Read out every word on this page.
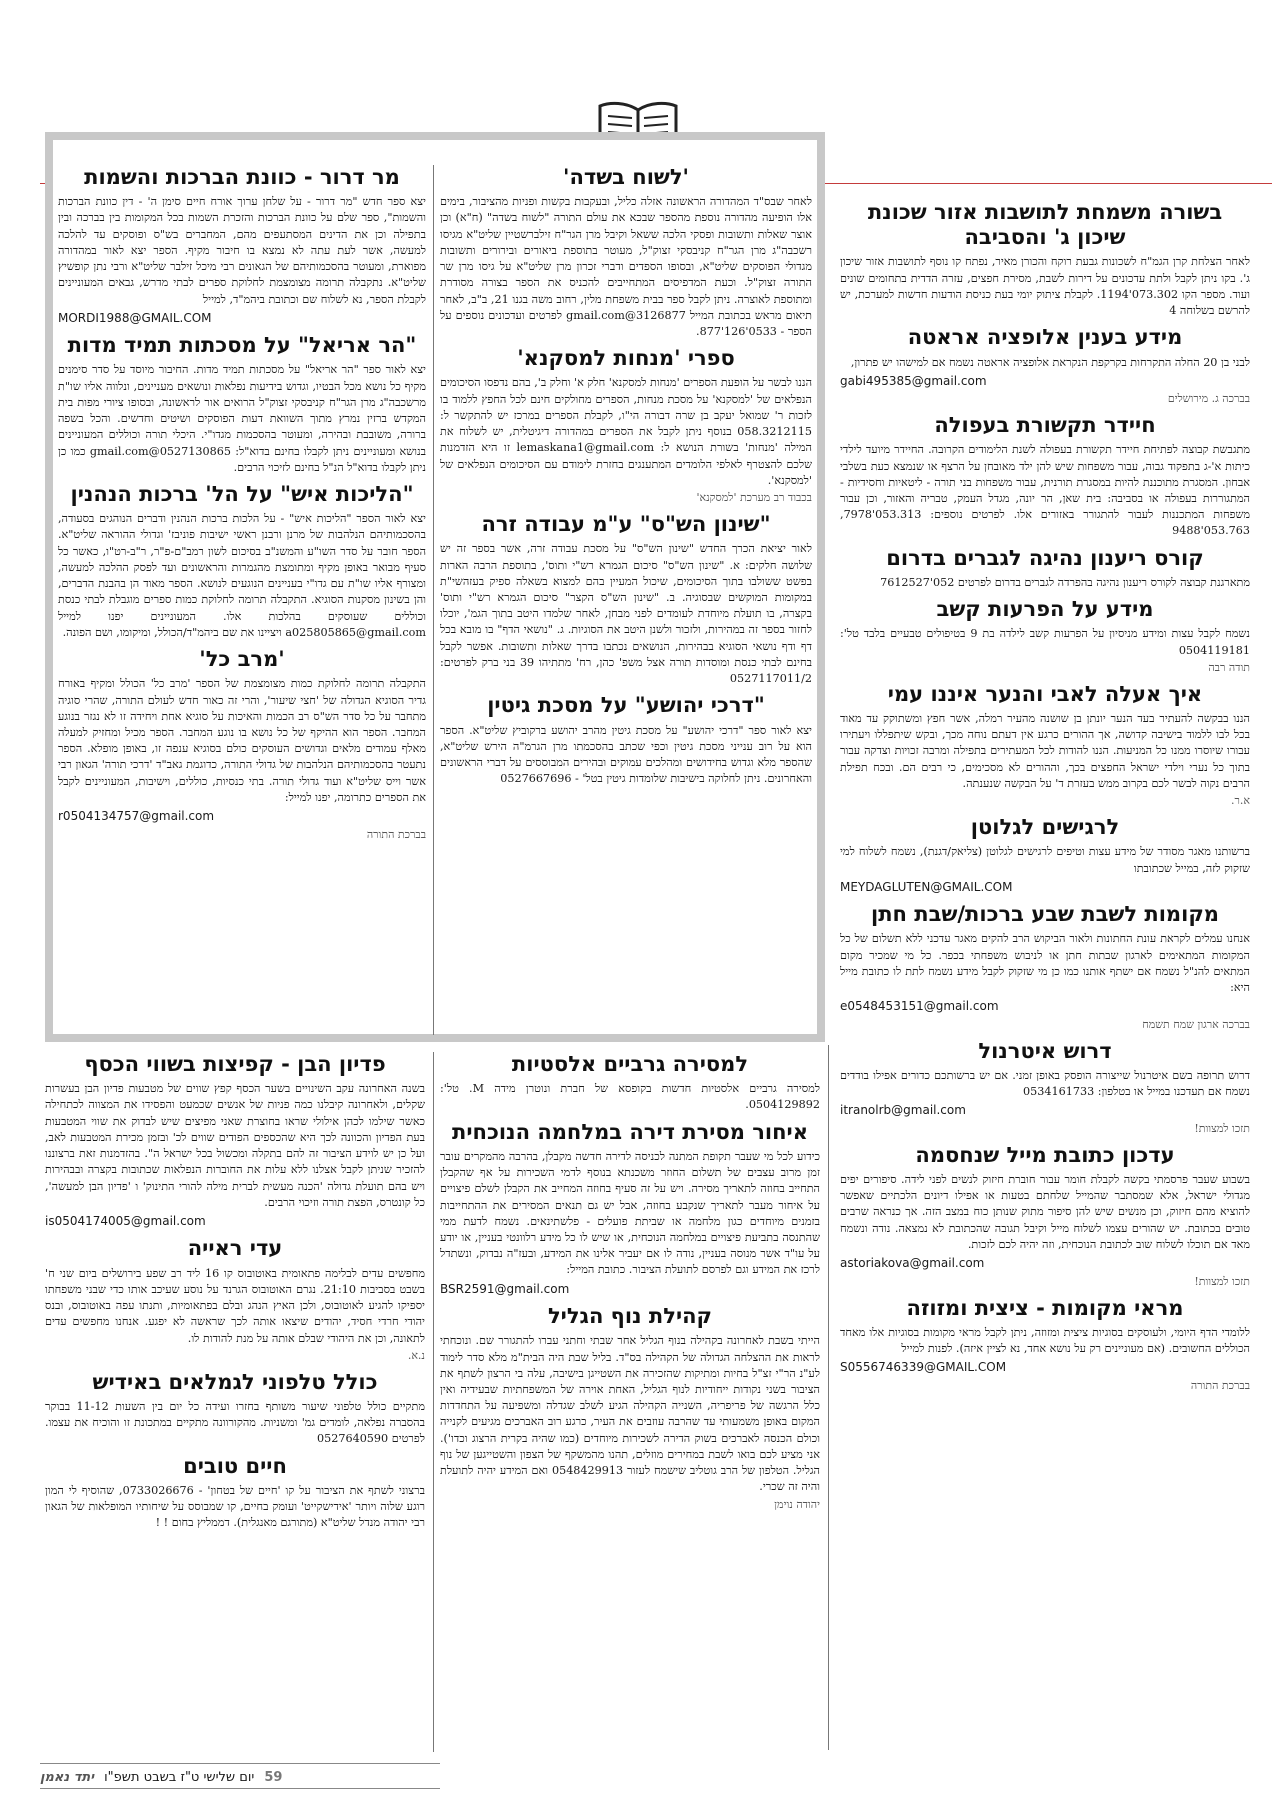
בשורה משמחת לתושבות אזור שכונת שיכון ג' והסביבה

לאחר הצלחת קרן הגמ"ח לשכונות גבעת רוקח והכורן מאיר, נפתח קו נוסף לתושבות אזור שיכון ג'. בקו ניתן לקבל ולתת עדכונים על דירות לשבת, מסירת חפצים, עזרה הדדית בתחומים שונים ועוד. מספר הקו 073.302'1194. לקבלת ציתוק יומי בעת כניסת הודעות חדשות למערכת, יש להרשם בשלוחה 4

מידע בענין אלופציה אראטה

לבני בן 20 החלה התקרחות בקרקפת הנקראת אלופציה אראטה נשמח אם למישהו יש פתרון,

gabi495385@gmail.com

בברכה ג. מירושלים
חיידר תקשורת בעפולה

מתגבשת קבוצה לפתיחת חיידר תקשורת בעפולה לשנת הלימודים הקרובה. החיידר מיועד לילדי כיתות א'-ג בתפקוד גבוה, עבור משפחות שיש להן ילד מאובחן על הרצף או שנמצא כעת בשלבי אבחון. המסגרת מתוכננת להיות במסגרת תורנית, עבור משפחות בני תורה - ליטאיות וחסידיות - המתגוררות בעפולה או בסביבה: בית שאן, הר יונה, מגדל העמק, טבריה והאזור, וכן עבור משפחות המתכננות לעבור להתגורר באזורים אלו. לפרטים נוספים: 053.313'7978, 053.763'9488

קורס ריענון נהיגה לגברים בדרום

מתארגנת קבוצה לקורס ריענון נהיגה בהפרדה לגברים בדרום לפרטים 052'7612527

מידע על הפרעות קשב

נשמח לקבל עצות ומידע מניסיון על הפרעות קשב לילדה בת 9 בטיפולים טבעיים בלבד טל': 0504119181

תודה רבה
איך אעלה לאבי והנער איננו עמי

הננו בבקשה להעתיר בעד הנער יונתן בן שושנה מהעיר רמלה, אשר חפץ ומשתוקק עד מאוד בכל לבו ללמוד בישיבה קדושה, אך ההורים כרגע אין דעתם נוחה מכך, ובקש שיתפללו ויעתירו עבורו שיוסרו ממנו כל המניעות. הננו להודות לכל המעתירים בתפילה ומרבה זכויות וצדקה עבור בתוך כל נערי וילדי ישראל החפצים בכך, וההורים לא מסכימים, כי רבים הם. ובכח תפילת הרבים נקוה לבשר לכם בקרוב ממש בעזרת ד' על הבקשה שנענתה.

א.ר.
לרגישים לגלוטן

ברשותנו מאגר מסודר של מידע עצות וטיפים לרגישים לגלוטן (צליאק/דגנת), נשמח לשלוח למי שזקוק לזה, במייל שכתובתו

MEYDAGLUTEN@GMAIL.COM

מקומות לשבת שבע ברכות/שבת חתן

אנחנו עמלים לקראת עונת החתונות ולאור הביקוש הרב להקים מאגר עדכני ללא תשלום של כל המקומות המתאימים לארגון שבתות חתן או לניבוש משפחתי בכפר. כל מי שמכיר מקום המתאים להנ"ל נשמח אם ישתף אותנו כמו כן מי שזקוק לקבל מידע נשמח לתת לו כתובת מייל היא:

e0548453151@gmail.com

בברכה ארגון שמח תשמח
דרוש איטרנול

דרוש תרופה בשם איטרנול שייצורה הופסק באופן זמני. אם יש ברשותכם כדורים אפילו בודדים נשמח אם תעדכנו במייל או בטלפון: 0534161733

itranolrb@gmail.com

תזכו למצוות!
עדכון כתובת מייל שנחסמה

בשבוע שעבר פרסמתי בקשה לקבלת חומר עבור חוברת חיזוק לנשים לפני לידה. סיפורים יפים מגדולי ישראל, אלא שמסתבר שהמייל שלחתם בטעות או אפילו דיונים הלכתיים שאפשר להוציא מהם חיזוק, וכן מנשים שיש להן סיפור מתוק שנותן כוח במצב הזה. אך כנראה שרבים טובים בכתובת. יש שהורים עצמו לשלוח מייל וקיבל תגובה שהכתובת לא נמצאה. נודה ונשמח מאד אם תוכלו לשלוח שוב לכתובת הנוכחית, וזה יהיה לכם לזכות.

astoriakova@gmail.com

תזכו למצוות!
מראי מקומות - ציצית ומזוזה

ללומדי הדף היומי, ולעוסקים בסוגיות ציצית ומזוזה, ניתן לקבל מראי מקומות בסוגיות אלו מאחד הכוללים החשובים. (אם מעוניינים רק על נושא אחד, נא לציין איזה). לפנות למייל

S0556746339@GMAIL.COM

בברכת התורה
'לשוח בשדה'

לאחר שבס"ד המהדורה הראשונה אזלה כליל, ובעקבות בקשות ופניות מהציבור, בימים אלו הופיעה מהדורה נוספת מהספר שבכא את עולם התורה "לשוח בשדה" (ח"א) וכן אוצר שאלות ותשובות ופסקי הלכה ששאל וקיבל מרן הגר"ח זילברשטיין שליט"א מגיסו רשכבה"ג מרן הגר"ח קניבסקי זצוק"ל, מעוטר בתוספת ביאורים ובירורים ותשובות מגדולי הפוסקים שליט"א, ובסופו הספדים ודברי זכרון מרן שליט"א על גיסו מרן שר התורה זצוק"ל. וכעת המדפיסים המתחייבים להכניס את הספר בצורה מסודרת ומתוספת לאוצרה. ניתן לקבל ספר בבית משפחת מלין, רחוב משה בגנו 21, ב"ב, לאחר תיאום מראש בכתובת המייל 3126877@gmail.com לפרטים ועדכונים נוספים על הספר - 0533'126'877.

ספרי 'מנחות למסקנא'

הננו לבשר על הופעת הספרים 'מנחות למסקנא' חלק א' וחלק ב', בהם נדפסו הסיכומים הנפלאים של 'למסקנא' על מסכת מנחות, הספרים מחולקים חינם לכל החפץ ללמוד בו לזכות ר' שמואל יעקב בן שרה דבורה הי"ו, לקבלת הספרים במרכז יש להתקשר ל: 058.3212115 בנוסף ניתן לקבל את הספרים במהדורה דיגיטלית, יש לשלוח את המילה 'מנחות' בשורת הנושא ל: lemaskana1@gmail.com זו היא הזדמנות שלכם להצטרף לאלפי הלומדים המתענגים בחזרת לימודם עם הסיכומים הנפלאים של 'למסקנא'.

בכבוד רב מערכת 'למסקנא'
"שינון הש"ס" ע"מ עבודה זרה

לאור יציאת הכרך החדש "שינון הש"ס" על מסכת עבודה זרה, אשר בספר זה יש שלושה חלקים: א. "שינון הש"ס" סיכום הגמרא רש"י ותוס', בתוספת הרבה הארות בפשט ששולבו בתוך הסיכומים, שיכול המעיין בהם למצוא בשאלה ספיק בעזהשי"ת במקומות המוקשים שבסוגיה. ב. "שינון הש"ס הקצר" סיכום הגמרא רש"י ותוס' בקצרה, בו תועלת מיוחדת לעומדים לפני מבחן, לאחר שלמדו היטב בתוך הגמ', יוכלו לחזור בספר זה במהירות, ולזכור ולשנן היטב את הסוגיות. ג. "נושאי הדף" בו מובא בכל דף ודף נושאי הסוגיא בבהירות, הנושאים נכתבו בדרך שאלות ותשובות. אפשר לקבל בחינם לבתי כנסת ומוסדות תורה אצל משפ' כהן, רח' מתתיהו 39 בני ברק לפרטים: 0527117011/2

"דרכי יהושע" על מסכת גיטין

יצא לאור ספר "דרכי יהושע" על מסכת גיטין מהרב יהושע ברקוביץ שליט"א. הספר הוא על רוב ענייני מסכת גיטין וכפי שכתב בהסכמתו מרן הגרמ"ה הירש שליט"א, שהספר מלא וגדוש בחידושים ומהלכים עמוקים ובהירים המבוססים על דברי הראשונים והאחרונים. ניתן לחלוקה בישיבות שלומדות גיטין בטל' - 0527667696

מר דרור - כוונת הברכות והשמות

יצא ספר חדש "מר דרור - על שלחן ערוך אורח חיים סימן ה' - דין כוונת הברכות והשמות", ספר שלם על כוונת הברכות והזכרת השמות בכל המקומות בין בברכה ובין בתפילה וכן את הדינים המסתעפים מהם, המחברים בש"ס ופוסקים עד להלכה למעשה, אשר לעת עתה לא נמצא בו חיבור מקיף. הספר יצא לאור במהדורה מפוארת, ומעוטר בהסכמותיהם של הגאונים רבי מיכל זילבר שליט"א ורבי נתן קופשיץ שליט"א. נתקבלה תרומה מצומצמת לחלוקת ספרים לבתי מדרש, גבאים המעוניינים לקבלת הספר, נא לשלוח שם וכתובת ביהמ"ד, למייל

MORDI1988@GMAIL.COM

"הר אריאל" על מסכתות תמיד מדות

יצא לאור ספר "הר אריאל" על מסכתות תמיד מדות. החיבור מיוסד על סדר סימנים מקיף כל נושא מכל הבטיו, וגדוש בידיעות נפלאות ונושאים מעניינים, ונלווה אליו שו"ת מרשכבה"ג מרן הגר"ח קניבסקי זצוק"ל הרואים אור לראשונה, ובסופו ציורי מפות בית המקדש ברזין נמרץ מתוך השוואת דעות הפוסקים ושיטים וחדשים. והכל בשפה ברורה, משובבת ובהירה, ומעוטר בהסכמות מגדו"י. היכלי תורה וכוללים המעוניינים בנושא ומעוניינים ניתן לקבלו בחינם בדוא"ל: 0527130865@gmail.com כמו כן ניתן לקבלו בדוא"ל הנ"ל בחינם לזיכוי הרבים.

"הליכות איש" על הל' ברכות הנהנין

יצא לאור הספר "הליכות איש" - על הלכות ברכות הנהנין ודברים הנוהגים בסעודה, בהסכמותיהם הנלהבות של מרנן ורבנן ראשי ישיבות פוניבז' וגדולי ההוראה שליט"א. הספר חובר על סדר השו"ע והמשנ"ב בסיכום לשון רמב"ם-פ"ר, ר"ב-רט"ו, כאשר כל סעיף מבואר באופן מקיף ומתומצת מהגמרות והראשונים ועד לפסק ההלכה למעשה, ומצורף אליו שו"ת עם גדו"י בעניינים הנוגעים לנושא. הספר מאוד הן בהבנת הדברים, והן בשינון מסקנות הסוגיא. התקבלה תרומה לחלוקת כמות ספרים מוגבלת לבתי כנסת וכוללים שעוסקים בהלכות אלו. המעוניינים יפנו למייל a025805865@gmail.com ויציינו את שם ביהמ"ד/הכולל, ומיקומו, ושם הפונה.

'מרב כל'

התקבלה תרומה לחלוקת כמות מצומצמת של הספר 'מרב כל' הכולל ומקיף באורח גדיר הסוגיא הגדולה של 'חצי שיעור', והרי זה כאור חדש לעולם התורה, שהרי סוגיה מתחבר על כל סדר הש"ס רב הכמות והאיכות על סוגיא אחת ויחידה זו לא נגזר בנוגע המחבר. הספר הוא ההיקף של כל נושא בו נוגע המחבר. הספר מכיל ומחזיק למעלה מאלף עמודים מלאים וגדושים העוסקים כולם בסוגיא ענפה זו, באופן מופלא. הספר נתעטר בהסכמותיהם הנלהבות של גדולי התורה, כדוגמת גאב"ד 'דרכי תורה' הגאון רבי אשר וייס שליט"א ועוד גדולי תורה. בתי כנסיות, כוללים, וישיבות, המעוניינים לקבל את הספרים כתרומה, יפנו למייל:

r0504134757@gmail.com

בברכת התורה
למסירה גרביים אלסטיות

למסירה גרביים אלסטיות חדשות בקופסא של חברת ונוטרן מידה M. טל': 0504129892.

איחור מסירת דירה במלחמה הנוכחית

כידוע לכל מי שעבר תקופת המתנה לכניסה לדירה חדשה מקבלן, בהרבה מהמקרים עובר זמן מרוב עצבים של תשלום החוזר משכנתא בנוסף לדמי השכירות על אף שהקבלן התחייב בחוזה לתאריך מסירה. ויש על זה סעיף בחוזה המחייב את הקבלן לשלם פיצויים על איחור מעבר לתאריך שנקבע בחוזה, אבל יש גם תנאים המסירים את ההתחייבות בזמנים מיוחדים כגון מלחמה או שביתת פועלים - פלשתינאים. נשמח לדעת ממי שהתנסה בתביעת פיצויים במלחמה הנוכחית, או שיש לו כל מידע רלוונטי בעניין, או יודע על עו"ד אשר מנוסה בעניין, נודה לו אם יעביר אלינו את המידע, ובעז"ה נבדוק, ונשתדל לרכז את המידע וגם לפרסם לתועלת הציבור. כתובת המייל:

BSR2591@gmail.com

קהילת נוף הגליל

הייתי בשבת לאחרונה בקהילה בנוף הגליל אחר שבתי וחתני עברו להתגורר שם. ונוכחתי לראות את ההצלחה הגדולה של הקהילה בס"ד. בליל שבת היה הבית"מ מלא סדר לימוד לע"נ הר"י זצ"ל בחיות ומתיקות שהזכירה את השטייגן בישיבה, עלה בי הרצון לשתף את הציבור בשני נקודות ייחודיות לנוף הגליל, האחת אוירה של המשפחתיות שבעידיה ואין כלל הרגשה של פריפריה, השנייה הקהילה הגיע לשלב שגדלה ומשפיעה על התחדדות המקום באופן משמעותי עד שהרבה עוזבים את העיר, כרגע רוב האברכים מגיעים לקנייה וכולם הכנסה לאברכים בשוק הדירה לשכירות מיוחדים (כמו שהיה בקרית הרצוג וכדו'). אני מציע לכם בואו לשבת במחירים מוזלים, תהנו מהמשקף של הצפון והשטייגען של נוף הגליל. הטלפון של הרב גוטליב שישמח לעזור 0548429913 ואם המידע יהיה לתועלת והיה זה שכרי.

יהודה נוימן
פדיון הבן - קפיצות בשווי הכסף

בשנה האחרונה עקב השינויים בשער הכסף קפץ שווים של מטבעות פדיון הבן בעשרות שקלים, ולאחרונה קיבלנו כמה פניות של אנשים שכמעט והפסידו את המצווה לכתחילה כאשר שילמו לכהן אילולי שראו בחוצרת שאני מפיצים שיש לבדוק את שווי המטבעות בעת הפדיון והכוונה לכך היא שהכספים הפודים שווים לכ' ובזמן מכירת המטבעות לאב, ועל כן יש לוידע הציבור זה להם בתקלה ומכשול בכל ישראל ה". בהזדמנות זאת ברצוננו להזכיר שניתן לקבל אצלנו ללא עלות את החוברות הנפלאות שכתובות בקצרה ובבהירות ויש בהם תועלת גדולה 'הכנה מעשית לברית מילה להורי התינוק' ו 'פדיון הבן למעשה', כל קונטרס, הפצת תורה וזיכוי הרבים.

is0504174005@gmail.com

עדי ראייה

מחפשים עדים לבלימה פתאומית באוטובוס קו 16 ליד רב שפע בירושלים ביום שני ח' בשבט בסביבות 21:10. נגרם האוטובוס הגרנד על נוסע שעיכב אותו כדי שבני משפחתו יספיקו להגיע לאוטובוס, ולכן האיץ הנהג ובלם בפתאומיות, ותנתו עפה באוטובוס, ובנס יהודי חרדי חסיד, יהודים שיצאו אותה לכך שראשה לא יפגע. אנחנו מחפשים עדים לתאונה, וכן את היהודי שבלם אותה על מנת להודות לו.

נ.א.
כולל טלפוני לגמלאים באידיש

מתקיים כולל טלפוני שיעור משותף בחזרו ועידה כל יום בין השעות 11-12 בבוקר בהסברה נפלאה, לומדים גמ' ומשניות. מהקורוונה מתקיים במתכונת זו והוכיח את עצמו. לפרטים 0527640590

חיים טובים

ברצוני לשתף את הציבור על קו 'חיים של בטחון' - 0733026676, שהוסיף לי המון רוגע שלוה ויותר 'אידישקייט' ועומק בחיים, קו שמבוסס על שיחותיו המופלאות של הגאון רבי יהודה מנדל שליט"א (מתורגם מאנגלית). דממליץ בחום ! !

59
יום שלישי ט"ז בשבט תשפ"ו
יתד נאמן
